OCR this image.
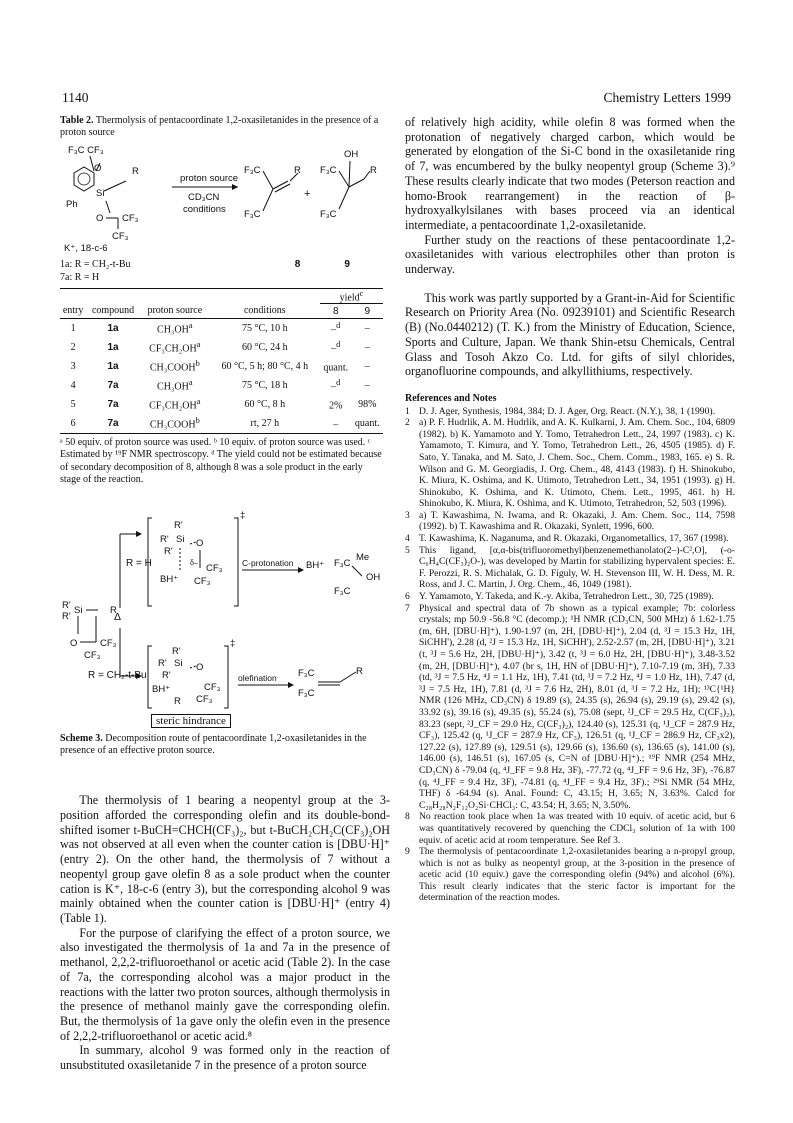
1140	Chemistry Letters 1999
Table 2. Thermolysis of pentacoordinate 1,2-oxasiletanides in the presence of a proton source
F₃C CF₃
O	R
Si
Ph
O CF₃
CF₃
K⁺, 18-c-6
proton source
CD₃CN
conditions
F₃C
F₃C
R
+
F₃C
F₃C
OH
R
1a: R = CH₂-t-Bu
7a: R = H
8	9
				yield$^c$
entry	compound	proton source	conditions	8	9
1	1a	$CH_3OH^a$	75 °C, 10 h	–$^d$	–
2	1a	$CF_3CH_2OH^a$	60 °C, 24 h	–$^d$	–
3	1a	CH₃COOH$^b$	60 °C, 5 h; 80 °C, 4 h	quant.	–
4	7a	$CH_3OH^a$	75 °C, 18 h	–$^d$	–
5	7a	$CF_3CH_2OH^a$	60 °C, 8 h	2%	98%
6	7a	CH₃COOH$^b$	rt, 27 h	–	quant.
ᵃ 50 equiv. of proton source was used. ᵇ 10 equiv. of proton source was used. ᶜ Estimated by ¹⁹F NMR spectroscopy. ᵈ The yield could not be estimated because of secondary decomposition of 8, although 8 was a sole product in the early stage of the reaction.
R'
R'
Si	R
O CF₃
CF₃
Δ
R = H
R = CH₂-t-Bu
‡
R'
R' Si O
R'
δ– CF₃
BH⁺ CF₃
C-protonation BH⁺ F₃C
Me
OH
F₃C
‡
R'
R' Si O
R'
BH⁺	CF₃
CF₃
R
olefination F₃C
F₃C
R
steric hindrance
Scheme 3. Decomposition route of pentacoordinate 1,2-oxasiletanides in the presence of an effective proton source.

The thermolysis of 1 bearing a neopentyl group at the 3-position afforded the corresponding olefin and its double-bond-shifted isomer t-BuCH=CHCH(CF₃)₂, but t-BuCH₂CH₂C(CF₃)₂OH was not observed at all even when the counter cation is [DBU·H]⁺ (entry 2). On the other hand, the thermolysis of 7 without a neopentyl group gave olefin 8 as a sole product when the counter cation is K⁺, 18-c-6 (entry 3), but the corresponding alcohol 9 was mainly obtained when the counter cation is [DBU·H]⁺ (entry 4) (Table 1).

For the purpose of clarifying the effect of a proton source, we also investigated the thermolysis of 1a and 7a in the presence of methanol, 2,2,2-trifluoroethanol or acetic acid (Table 2). In the case of 7a, the corresponding alcohol was a major product in the reactions with the latter two proton sources, although thermolysis in the presence of methanol mainly gave the corresponding olefin. But, the thermolysis of 1a gave only the olefin even in the presence of 2,2,2-trifluoroethanol or acetic acid.⁸

In summary, alcohol 9 was formed only in the reaction of unsubstituted oxasiletanide 7 in the presence of a proton source

of relatively high acidity, while olefin 8 was formed when the protonation of negatively charged carbon, which would be generated by elongation of the Si-C bond in the oxasiletanide ring of 7, was encumbered by the bulky neopentyl group (Scheme 3).⁹ These results clearly indicate that two modes (Peterson reaction and homo-Brook rearrangement) in the reaction of β-hydroxyalkylsilanes with bases proceed via an identical intermediate, a pentacoordinate 1,2-oxasiletanide.

Further study on the reactions of these pentacoordinate 1,2-oxasiletanides with various electrophiles other than proton is underway.

This work was partly supported by a Grant-in-Aid for Scientific Research on Priority Area (No. 09239101) and Scientific Research (B) (No.0440212) (T. K.) from the Ministry of Education, Science, Sports and Culture, Japan. We thank Shin-etsu Chemicals, Central Glass and Tosoh Akzo Co. Ltd. for gifts of silyl chlorides, organofluorine compounds, and alkyllithiums, respectively.

References and Notes
1 D. J. Ager, Synthesis, 1984, 384; D. J. Ager, Org. React. (N.Y.), 38, 1 (1990).
2 a) P. F. Hudrlik, A. M. Hudrlik, and A. K. Kulkarni, J. Am. Chem. Soc., 104, 6809 (1982). b) K. Yamamoto and Y. Tomo, Tetrahedron Lett., 24, 1997 (1983). c) K. Yamamoto, T. Kimura, and Y. Tomo, Tetrahedron Lett., 26, 4505 (1985). d) F. Sato, Y. Tanaka, and M. Sato, J. Chem. Soc., Chem. Comm., 1983, 165. e) S. R. Wilson and G. M. Georgiadis, J. Org. Chem., 48, 4143 (1983). f) H. Shinokubo, K. Miura, K. Oshima, and K. Utimoto, Tetrahedron Lett., 34, 1951 (1993). g) H. Shinokubo, K. Oshima, and K. Utimoto, Chem. Lett., 1995, 461. h) H. Shinokubo, K. Miura, K. Oshima, and K. Utimoto, Tetrahedron, 52, 503 (1996).
3 a) T. Kawashima, N. Iwama, and R. Okazaki, J. Am. Chem. Soc., 114, 7598 (1992). b) T. Kawashima and R. Okazaki, Synlett, 1996, 600.
4 T. Kawashima, K. Naganuma, and R. Okazaki, Organometallics, 17, 367 (1998).
5 This ligand, [α,α-bis(trifluoromethyl)benzenemethanolato(2–)-C²,O], (-o-C₆H₄C(CF₃)₂O-), was developed by Martin for stabilizing hypervalent species: E. F. Perozzi, R. S. Michalak, G. D. Figuly, W. H. Stevenson III, W. H. Dess, M. R. Ross, and J. C. Martin, J. Org. Chem., 46, 1049 (1981).
6 Y. Yamamoto, Y. Takeda, and K.-y. Akiba, Tetrahedron Lett., 30, 725 (1989).
7 Physical and spectral data of 7b shown as a typical example; 7b: colorless crystals; mp 50.9 -56.8 °C (decomp.); ¹H NMR (CD₃CN, 500 MHz) δ 1.62-1.75 (m, 6H, [DBU·H]⁺), 1.90-1.97 (m, 2H, [DBU·H]⁺), 2.04 (d, ³J = 15.3 Hz, 1H, SiCHH'), 2.28 (d, ²J = 15.3 Hz, 1H, SiCHH'), 2.52-2.57 (m, 2H, [DBU·H]⁺), 3.21 (t, ³J = 5.6 Hz, 2H, [DBU·H]⁺), 3.42 (t, ³J = 6.0 Hz, 2H, [DBU·H]⁺), 3.48-3.52 (m, 2H, [DBU·H]⁺), 4.07 (br s, 1H, HN of [DBU·H]⁺), 7.10-7.19 (m, 3H), 7.33 (td, ³J = 7.5 Hz, ⁴J = 1.1 Hz, 1H), 7.41 (td, ³J = 7.2 Hz, ⁴J = 1.0 Hz, 1H), 7.47 (d, ³J = 7.5 Hz, 1H), 7.81 (d, ³J = 7.6 Hz, 2H), 8.01 (d, ³J = 7.2 Hz, 1H); ¹³C{¹H} NMR (126 MHz, CD₃CN) δ 19.89 (s), 24.35 (s), 26.94 (s), 29.19 (s), 29.42 (s), 33.92 (s), 39.16 (s), 49.35 (s), 55.24 (s), 75.08 (sept, ²J_CF = 29.5 Hz, C(CF₃)₂), 83.23 (sept, ²J_CF = 29.0 Hz, C(CF₃)₂), 124.40 (s), 125.31 (q, ¹J_CF = 287.9 Hz, CF₃), 125.42 (q, ¹J_CF = 287.9 Hz, CF₃), 126.51 (q, ¹J_CF = 286.9 Hz, CF₃x2), 127.22 (s), 127.89 (s), 129.51 (s), 129.66 (s), 136.60 (s), 136.65 (s), 141.00 (s), 146.00 (s), 146.51 (s), 167.05 (s, C=N of [DBU·H]⁺).; ¹⁹F NMR (254 MHz, CD₃CN) δ -79.04 (q, ⁴J_FF = 9.8 Hz, 3F), -77.72 (q, ⁴J_FF = 9.6 Hz, 3F), -76.87 (q, ⁴J_FF = 9.4 Hz, 3F), -74.81 (q, ⁴J_FF = 9.4 Hz, 3F).; ²⁹Si NMR (54 MHz, THF) δ -64.94 (s). Anal. Found: C, 43.15; H, 3.65; N, 3.63%. Calcd for C₂₈H₂₈N₂F₁₂O₂Si·CHCl₃: C, 43.54; H, 3.65; N, 3.50%.
8 No reaction took place when 1a was treated with 10 equiv. of acetic acid, but 6 was quantitatively recovered by quenching the CDCl₃ solution of 1a with 100 equiv. of acetic acid at room temperature. See Ref 3.
9 The thermolysis of pentacoordinate 1,2-oxasiletanides bearing a n-propyl group, which is not as bulky as neopentyl group, at the 3-position in the presence of acetic acid (10 equiv.) gave the corresponding olefin (94%) and alcohol (6%). This result clearly indicates that the steric factor is important for the determination of the reaction modes.
